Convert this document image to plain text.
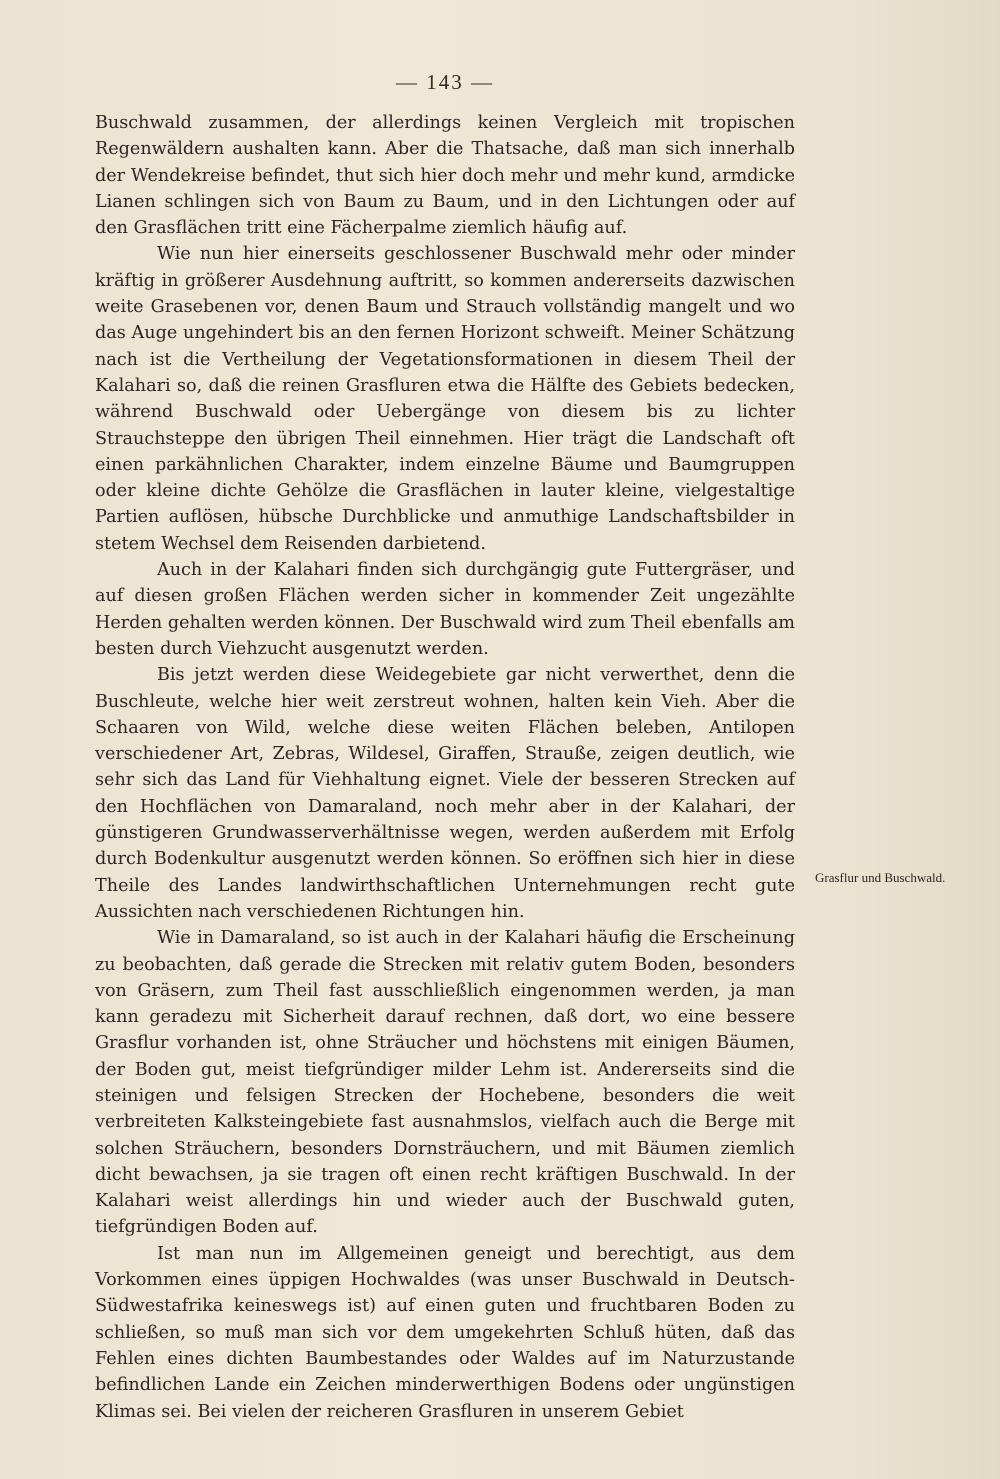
— 143 —

Buschwald zusammen, der allerdings keinen Vergleich mit tropischen Regenwäldern aushalten kann. Aber die Thatsache, daß man sich innerhalb der Wendekreise befindet, thut sich hier doch mehr und mehr kund, armdicke Lianen schlingen sich von Baum zu Baum, und in den Lichtungen oder auf den Grasflächen tritt eine Fächerpalme ziemlich häufig auf.

Wie nun hier einerseits geschlossener Buschwald mehr oder minder kräftig in größerer Ausdehnung auftritt, so kommen andererseits dazwischen weite Grasebenen vor, denen Baum und Strauch vollständig mangelt und wo das Auge ungehindert bis an den fernen Horizont schweift. Meiner Schätzung nach ist die Vertheilung der Vegetationsformationen in diesem Theil der Kalahari so, daß die reinen Grasfluren etwa die Hälfte des Gebiets bedecken, während Buschwald oder Uebergänge von diesem bis zu lichter Strauchsteppe den übrigen Theil einnehmen. Hier trägt die Landschaft oft einen parkähnlichen Charakter, indem einzelne Bäume und Baumgruppen oder kleine dichte Gehölze die Grasflächen in lauter kleine, vielgestaltige Partien auflösen, hübsche Durchblicke und anmuthige Landschaftsbilder in stetem Wechsel dem Reisenden darbietend.

Auch in der Kalahari finden sich durchgängig gute Futtergräser, und auf diesen großen Flächen werden sicher in kommender Zeit ungezählte Herden gehalten werden können. Der Buschwald wird zum Theil ebenfalls am besten durch Viehzucht ausgenutzt werden.

Bis jetzt werden diese Weidegebiete gar nicht verwerthet, denn die Buschleute, welche hier weit zerstreut wohnen, halten kein Vieh. Aber die Schaaren von Wild, welche diese weiten Flächen beleben, Antilopen verschiedener Art, Zebras, Wildesel, Giraffen, Strauße, zeigen deutlich, wie sehr sich das Land für Viehhaltung eignet. Viele der besseren Strecken auf den Hochflächen von Damaraland, noch mehr aber in der Kalahari, der günstigeren Grundwasserverhältnisse wegen, werden außerdem mit Erfolg durch Bodenkultur ausgenutzt werden können. So eröffnen sich hier in diese Theile des Landes landwirthschaftlichen Unternehmungen recht gute Aussichten nach verschiedenen Richtungen hin.

Wie in Damaraland, so ist auch in der Kalahari häufig die Erscheinung zu beobachten, daß gerade die Strecken mit relativ gutem Boden, besonders von Gräsern, zum Theil fast ausschließlich eingenommen werden, ja man kann geradezu mit Sicherheit darauf rechnen, daß dort, wo eine bessere Grasflur vorhanden ist, ohne Sträucher und höchstens mit einigen Bäumen, der Boden gut, meist tiefgründiger milder Lehm ist. Andererseits sind die steinigen und felsigen Strecken der Hochebene, besonders die weit verbreiteten Kalksteingebiete fast ausnahmslos, vielfach auch die Berge mit solchen Sträuchern, besonders Dornsträuchern, und mit Bäumen ziemlich dicht bewachsen, ja sie tragen oft einen recht kräftigen Buschwald. In der Kalahari weist allerdings hin und wieder auch der Buschwald guten, tiefgründigen Boden auf.

Ist man nun im Allgemeinen geneigt und berechtigt, aus dem Vorkommen eines üppigen Hochwaldes (was unser Buschwald in Deutsch-Südwestafrika keineswegs ist) auf einen guten und fruchtbaren Boden zu schließen, so muß man sich vor dem umgekehrten Schluß hüten, daß das Fehlen eines dichten Baumbestandes oder Waldes auf im Naturzustande befindlichen Lande ein Zeichen minderwerthigen Bodens oder ungünstigen Klimas sei. Bei vielen der reicheren Grasfluren in unserem Gebiet

Grasflur und Buschwald.
